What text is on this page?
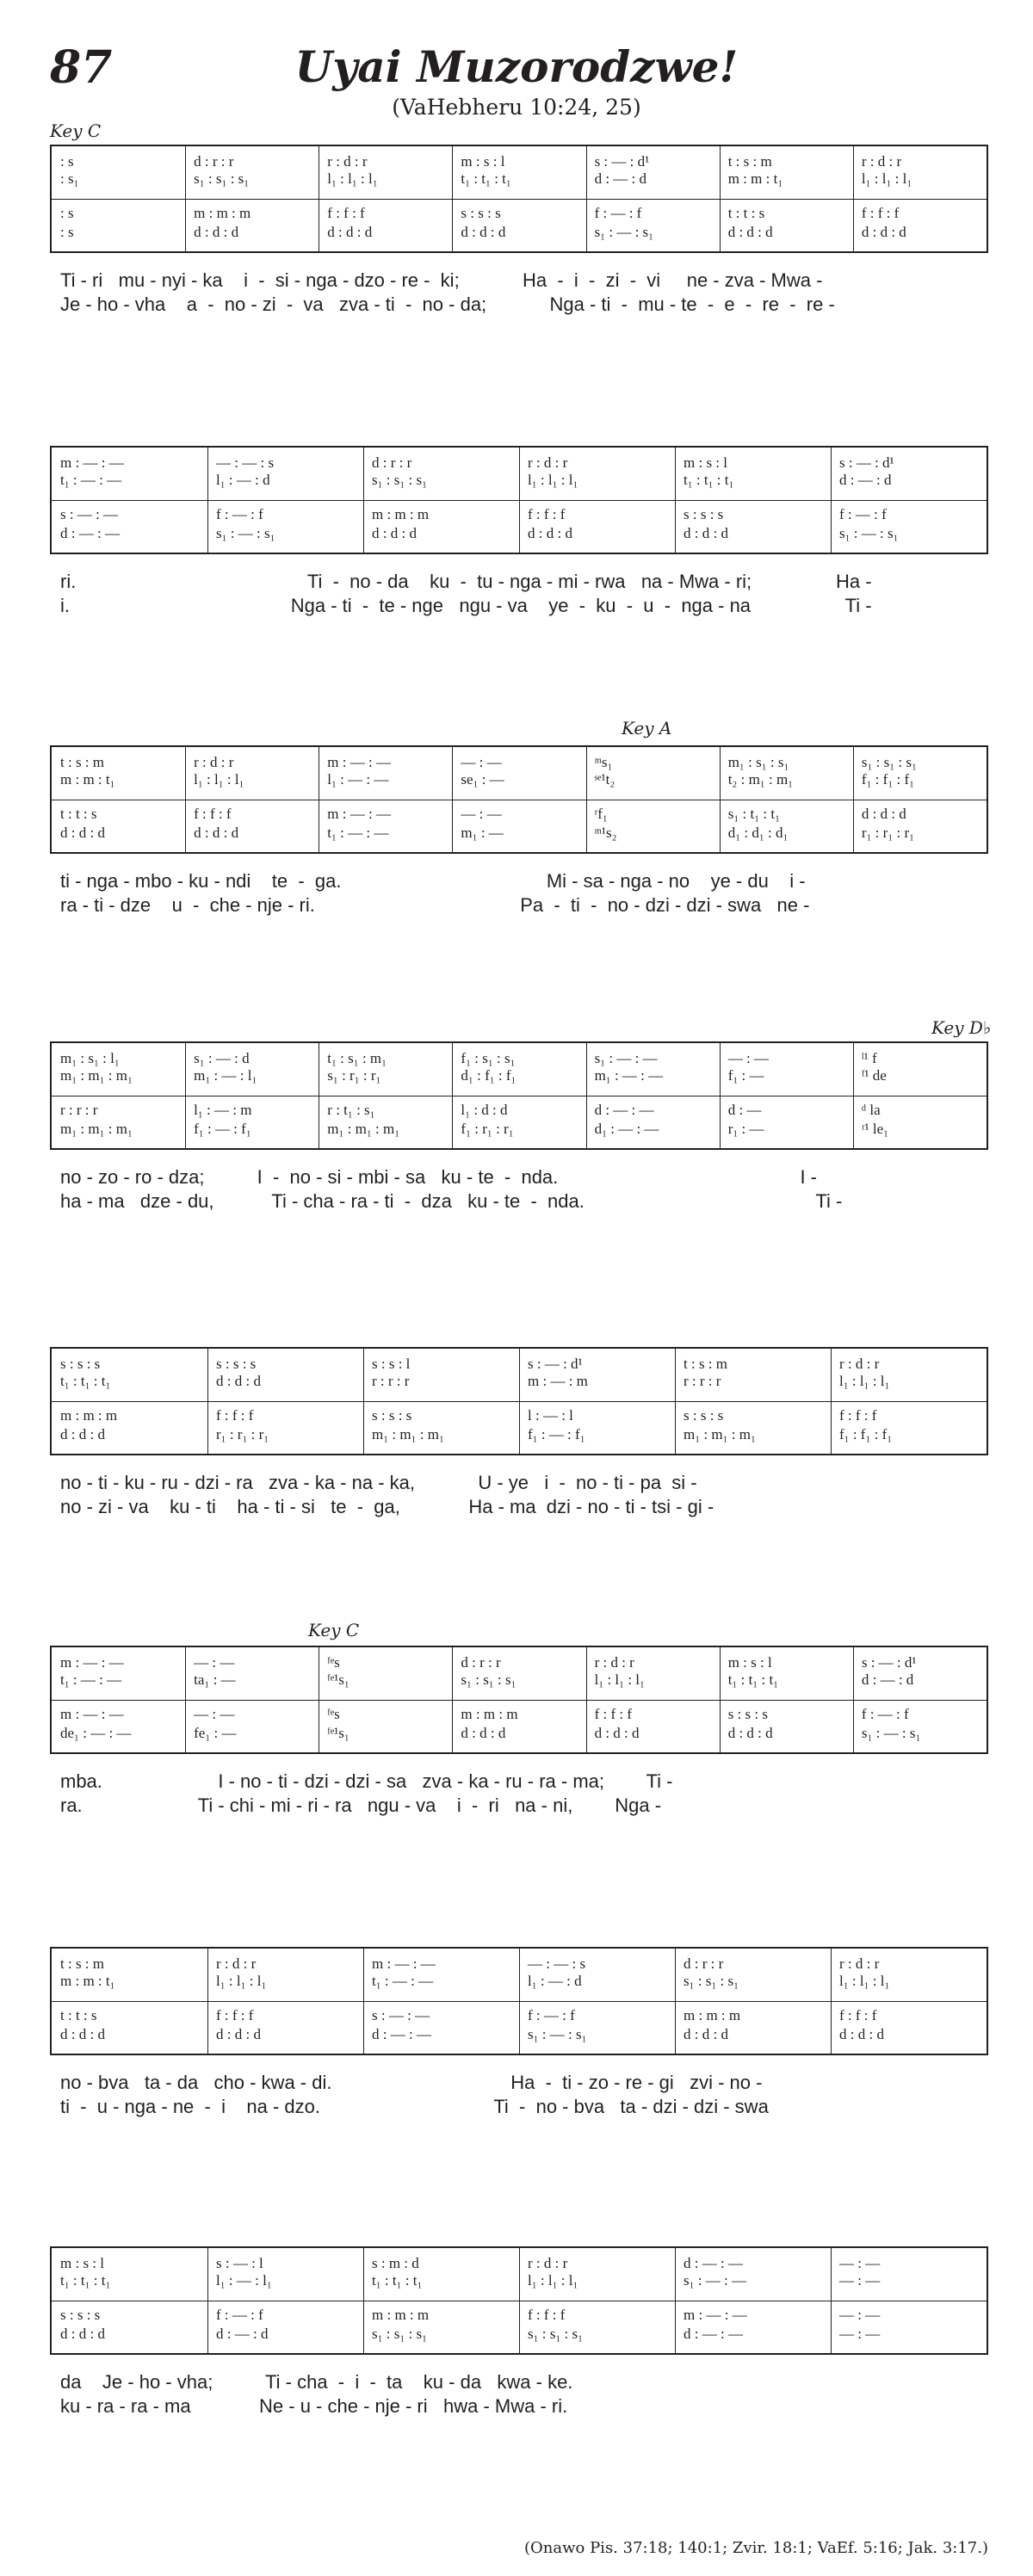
87	Uyai Muzorodzwe!
(VaHebheru 10:24, 25)
Key C
: s	d : r : r	r : d : r	m : s : l	s : — : d¹	t : s : m	r : d : r
: s₁	s₁ : s₁ : s₁	l₁ : l₁ : l₁	t₁ : t₁ : t₁	d : — : d	m : m : t₁	l₁ : l₁ : l₁
: s	m : m : m	f : f : f	s : s : s	f : — : f	t : t : s	f : f : f
: s	d : d : d	d : d : d	d : d : d	s₁ : — : s₁	d : d : d	d : d : d
Ti - ri   mu - nyi - ka    i  -  si - nga - dzo - re -  ki;            Ha  -  i  -  zi  -  vi     ne - zva - Mwa -
Je - ho - vha    a  -  no - zi  -  va   zva - ti  -  no - da;            Nga - ti  -  mu - te  -  e  -  re  -  re -
m : — : —	— : — : s	d : r : r	r : d : r	m : s : l	s : — : d¹
t₁ : — : —	l₁ : — : d	s₁ : s₁ : s₁	l₁ : l₁ : l₁	t₁ : t₁ : t₁	d : — : d
s : — : —	f : — : f	m : m : m	f : f : f	s : s : s	f : — : f
d : — : —	s₁ : — : s₁	d : d : d	d : d : d	d : d : d	s₁ : — : s₁
ri.                                            Ti  -  no - da    ku  -  tu - nga - mi - rwa   na - Mwa - ri;                Ha -
i.                                          Nga - ti  -  te - nge   ngu - va    ye  -  ku  -  u  -  nga - na                  Ti -
Key A
t : s : m	r : d : r	m : — : —	— : —	ᵐs₁	m₁ : s₁ : s₁	s₁ : s₁ : s₁
m : m : t₁	l₁ : l₁ : l₁	l₁ : — : —	se₁ : —	ˢᵉ¹t₂	t₂ : m₁ : m₁	f₁ : f₁ : f₁
t : t : s	f : f : f	m : — : —	— : —	ʳf₁	s₁ : t₁ : t₁	d : d : d
d : d : d	d : d : d	t₁ : — : —	m₁ : —	ᵐ¹s₂	d₁ : d₁ : d₁	r₁ : r₁ : r₁
ti - nga - mbo - ku - ndi    te  -  ga.                                       Mi - sa - nga - no    ye - du    i -
ra - ti - dze    u  -  che - nje - ri.                                       Pa  -  ti  -  no - dzi - dzi - swa   ne -
Key D♭
m₁ : s₁ : l₁	s₁ : — : d	t₁ : s₁ : m₁	f₁ : s₁ : s₁	s₁ : — : —	— : —	ˡ¹ f
m₁ : m₁ : m₁	m₁ : — : l₁	s₁ : r₁ : r₁	d₁ : f₁ : f₁	m₁ : — : —	f₁ : —	ᶠ¹ de
r : r : r	l₁ : — : m	r : t₁ : s₁	l₁ : d : d	d : — : —	d : —	ᵈ la
m₁ : m₁ : m₁	f₁ : — : f₁	m₁ : m₁ : m₁	f₁ : r₁ : r₁	d₁ : — : —	r₁ : —	ʳ¹ le₁
no - zo - ro - dza;          I  -  no - si - mbi - sa   ku - te  -  nda.                                              I -
ha - ma   dze - du,           Ti - cha - ra - ti  -  dza   ku - te  -  nda.                                            Ti -
s : s : s	s : s : s	s : s : l	s : — : d¹	t : s : m	r : d : r
t₁ : t₁ : t₁	d : d : d	r : r : r	m : — : m	r : r : r	l₁ : l₁ : l₁
m : m : m	f : f : f	s : s : s	l : — : l	s : s : s	f : f : f
d : d : d	r₁ : r₁ : r₁	m₁ : m₁ : m₁	f₁ : — : f₁	m₁ : m₁ : m₁	f₁ : f₁ : f₁
no - ti - ku - ru - dzi - ra   zva - ka - na - ka,            U - ye   i  -  no - ti - pa  si -
no - zi - va    ku - ti    ha - ti - si   te  -  ga,             Ha - ma  dzi - no - ti - tsi - gi -
Key C
m : — : —	— : —	ᶠᵉs	d : r : r	r : d : r	m : s : l	s : — : d¹
t₁ : — : —	ta₁ : —	ᶠᵉ¹s₁	s₁ : s₁ : s₁	l₁ : l₁ : l₁	t₁ : t₁ : t₁	d : — : d
m : — : —	— : —	ᶠᵉs	m : m : m	f : f : f	s : s : s	f : — : f
de₁ : — : —	fe₁ : —	ᶠᵉ¹s₁	d : d : d	d : d : d	d : d : d	s₁ : — : s₁
mba.                      I - no - ti - dzi - dzi - sa   zva - ka - ru - ra - ma;        Ti -
ra.                      Ti - chi - mi - ri - ra   ngu - va    i  -  ri   na - ni,        Nga -
t : s : m	r : d : r	m : — : —	— : — : s	d : r : r	r : d : r
m : m : t₁	l₁ : l₁ : l₁	t₁ : — : —	l₁ : — : d	s₁ : s₁ : s₁	l₁ : l₁ : l₁
t : t : s	f : f : f	s : — : —	f : — : f	m : m : m	f : f : f
d : d : d	d : d : d	d : — : —	s₁ : — : s₁	d : d : d	d : d : d
no - bva   ta - da   cho - kwa - di.                                  Ha  -  ti - zo - re - gi   zvi - no -
ti  -  u - nga - ne  -  i    na - dzo.                                 Ti  -  no - bva   ta - dzi - dzi - swa
m : s : l	s : — : l	s : m : d	r : d : r	d : — : —	— : —
t₁ : t₁ : t₁	l₁ : — : l₁	t₁ : t₁ : t₁	l₁ : l₁ : l₁	s₁ : — : —	— : —
s : s : s	f : — : f	m : m : m	f : f : f	m : — : —	— : —
d : d : d	d : — : d	s₁ : s₁ : s₁	s₁ : s₁ : s₁	d : — : —	— : —
da    Je - ho - vha;          Ti - cha  -  i  -  ta    ku - da   kwa - ke.
ku - ra - ra - ma             Ne - u - che - nje - ri   hwa - Mwa - ri.
(Onawo Pis. 37:18; 140:1; Zvir. 18:1; VaEf. 5:16; Jak. 3:17.)
